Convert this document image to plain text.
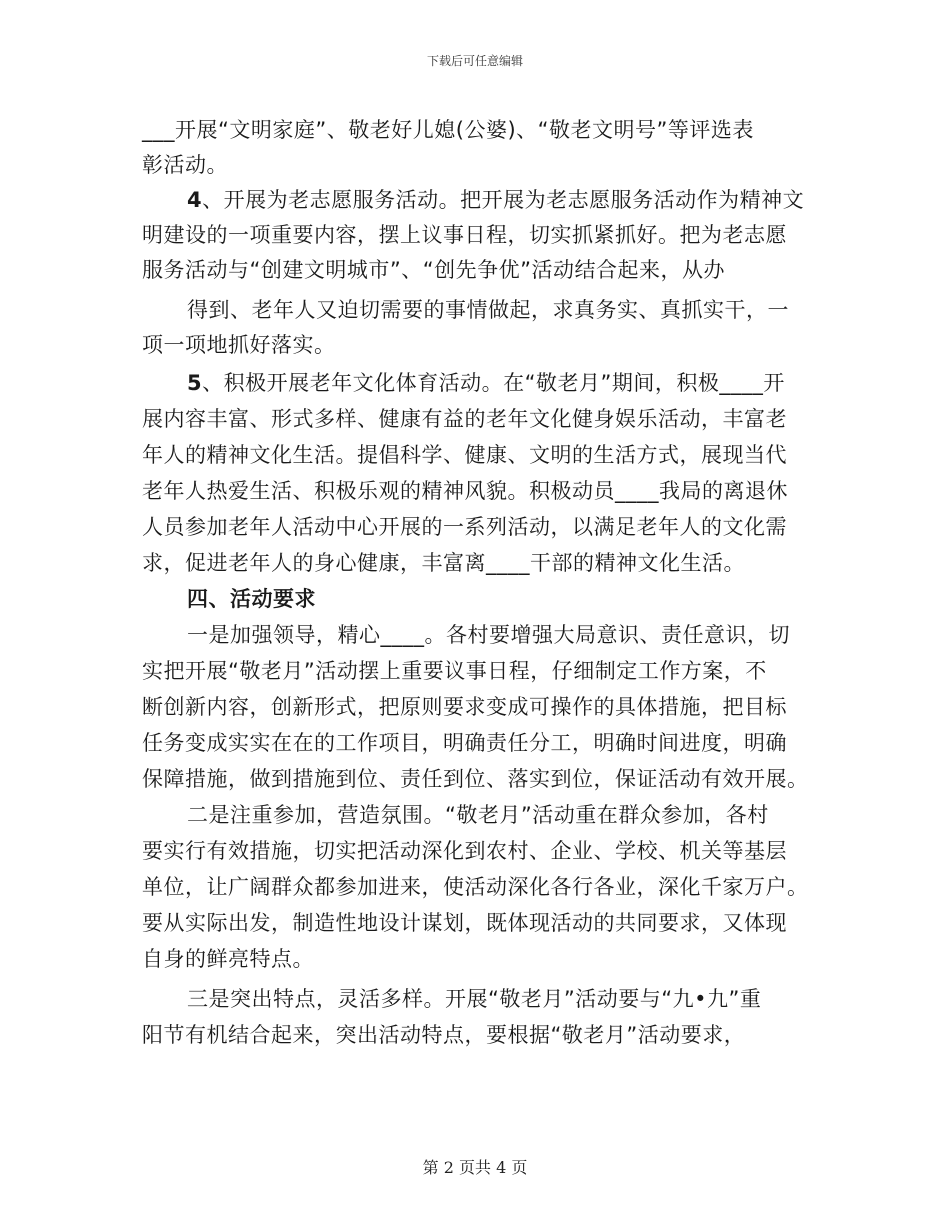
下载后可任意编辑
___开展“文明家庭”、敬老好儿媳(公婆)、“敬老文明号”等评选表
彰活动。
4、开展为老志愿服务活动。把开展为老志愿服务活动作为精神文
明建设的一项重要内容，摆上议事日程，切实抓紧抓好。把为老志愿
服务活动与“创建文明城市”、“创先争优”活动结合起来，从办
得到、老年人又迫切需要的事情做起，求真务实、真抓实干，一
项一项地抓好落实。
5、积极开展老年文化体育活动。在“敬老月”期间，积极____开
展内容丰富、形式多样、健康有益的老年文化健身娱乐活动，丰富老
年人的精神文化生活。提倡科学、健康、文明的生活方式，展现当代
老年人热爱生活、积极乐观的精神风貌。积极动员____我局的离退休
人员参加老年人活动中心开展的一系列活动，以满足老年人的文化需
求，促进老年人的身心健康，丰富离____干部的精神文化生活。
四、活动要求
一是加强领导，精心____。各村要增强大局意识、责任意识，切
实把开展“敬老月”活动摆上重要议事日程，仔细制定工作方案，不
断创新内容，创新形式，把原则要求变成可操作的具体措施，把目标
任务变成实实在在的工作项目，明确责任分工，明确时间进度，明确
保障措施，做到措施到位、责任到位、落实到位，保证活动有效开展。
二是注重参加，营造氛围。“敬老月”活动重在群众参加，各村
要实行有效措施，切实把活动深化到农村、企业、学校、机关等基层
单位，让广阔群众都参加进来，使活动深化各行各业，深化千家万户。
要从实际出发，制造性地设计谋划，既体现活动的共同要求，又体现
自身的鲜亮特点。
三是突出特点，灵活多样。开展“敬老月”活动要与“九•九”重
阳节有机结合起来，突出活动特点，要根据“敬老月”活动要求，
第 2 页共 4 页
